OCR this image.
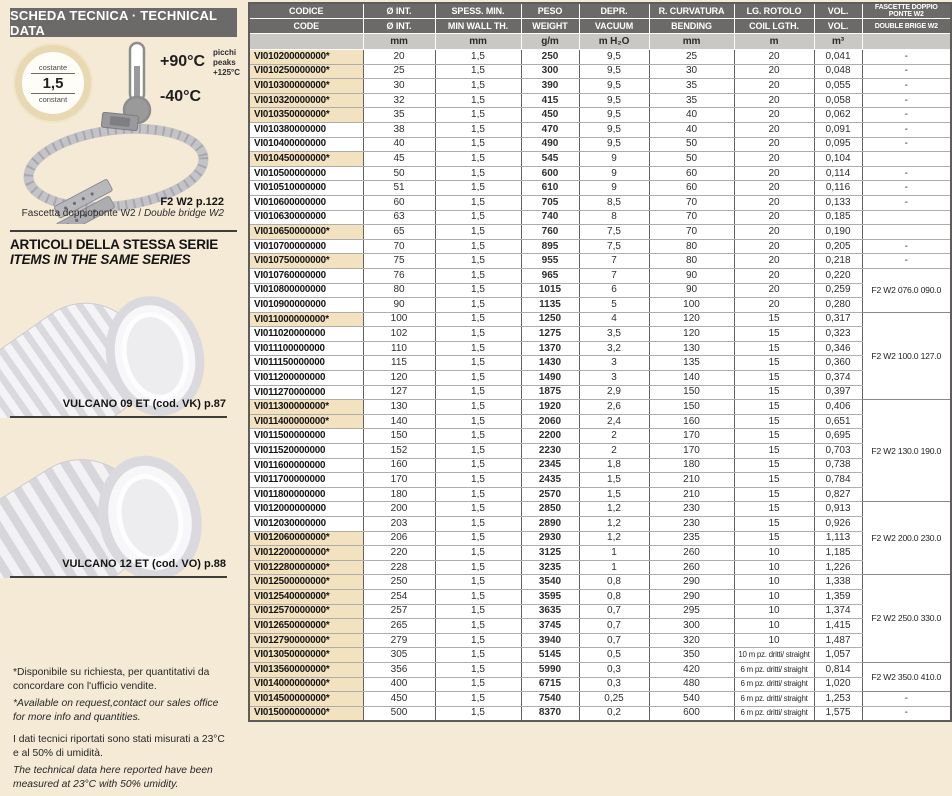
SCHEDA TECNICA · TECHNICAL DATA
costante
1,5
constant
+90°C
-40°C
picchi
peaks
+125°C
F2 W2 p.122
Fascetta doppioponte W2 / Double bridge W2
ARTICOLI DELLA STESSA SERIE
ITEMS IN THE SAME SERIES
VULCANO 09 ET (cod. VK) p.87
VULCANO 12 ET (cod. VO) p.88
*Disponibile su richiesta, per quantitativi da concordare con l'ufficio vendite.
*Available on request,contact our sales office for more info and quantities.
I dati tecnici riportati sono stati misurati a 23°C e al 50% di umidità.
The technical data here reported have been measured at 23°C with 50% umidity.
CODICE	Ø INT.	SPESS. MIN.	PESO	DEPR.	R. CURVATURA	LG. ROTOLO	VOL.	FASCETTE DOPPIO PONTE W2
CODE	Ø INT.	MIN WALL TH.	WEIGHT	VACUUM	BENDING	COIL LGTH.	VOL.	DOUBLE BRIGE W2
	mm	mm	g/m	m H₂O	mm	m	m³	
VI010200000000*	20	1,5	250	9,5	25	20	0,041	-
VI010250000000*	25	1,5	300	9,5	30	20	0,048	-
VI010300000000*	30	1,5	390	9,5	35	20	0,055	-
VI010320000000*	32	1,5	415	9,5	35	20	0,058	-
VI010350000000*	35	1,5	450	9,5	40	20	0,062	-
VI010380000000	38	1,5	470	9,5	40	20	0,091	-
VI010400000000	40	1,5	490	9,5	50	20	0,095	-
VI010450000000*	45	1,5	545	9	50	20	0,104	
VI010500000000	50	1,5	600	9	60	20	0,114	-
VI010510000000	51	1,5	610	9	60	20	0,116	-
VI010600000000	60	1,5	705	8,5	70	20	0,133	-
VI010630000000	63	1,5	740	8	70	20	0,185	
VI010650000000*	65	1,5	760	7,5	70	20	0,190	
VI010700000000	70	1,5	895	7,5	80	20	0,205	-
VI010750000000*	75	1,5	955	7	80	20	0,218	-
VI010760000000	76	1,5	965	7	90	20	0,220	F2 W2 076.0 090.0
VI010800000000	80	1,5	1015	6	90	20	0,259	
VI010900000000	90	1,5	1135	5	100	20	0,280	
VI011000000000*	100	1,5	1250	4	120	15	0,317	F2 W2 100.0 127.0
VI011020000000	102	1,5	1275	3,5	120	15	0,323	
VI011100000000	110	1,5	1370	3,2	130	15	0,346	
VI011150000000	115	1,5	1430	3	135	15	0,360	
VI011200000000	120	1,5	1490	3	140	15	0,374	
VI011270000000	127	1,5	1875	2,9	150	15	0,397	
VI011300000000*	130	1,5	1920	2,6	150	15	0,406	F2 W2 130.0 190.0
VI011400000000*	140	1,5	2060	2,4	160	15	0,651	
VI011500000000	150	1,5	2200	2	170	15	0,695	
VI011520000000	152	1,5	2230	2	170	15	0,703	
VI011600000000	160	1,5	2345	1,8	180	15	0,738	
VI011700000000	170	1,5	2435	1,5	210	15	0,784	
VI011800000000	180	1,5	2570	1,5	210	15	0,827	
VI012000000000	200	1,5	2850	1,2	230	15	0,913	F2 W2 200.0 230.0
VI012030000000	203	1,5	2890	1,2	230	15	0,926	
VI012060000000*	206	1,5	2930	1,2	235	15	1,113	
VI012200000000*	220	1,5	3125	1	260	10	1,185	
VI012280000000*	228	1,5	3235	1	260	10	1,226	
VI012500000000*	250	1,5	3540	0,8	290	10	1,338	F2 W2 250.0 330.0
VI012540000000*	254	1,5	3595	0,8	290	10	1,359	
VI012570000000*	257	1,5	3635	0,7	295	10	1,374	
VI012650000000*	265	1,5	3745	0,7	300	10	1,415	
VI012790000000*	279	1,5	3940	0,7	320	10	1,487	
VI013050000000*	305	1,5	5145	0,5	350	10 m pz. dritti/ straight	1,057	
VI013560000000*	356	1,5	5990	0,3	420	6 m pz. dritti/ straight	0,814	F2 W2 350.0 410.0
VI014000000000*	400	1,5	6715	0,3	480	6 m pz. dritti/ straight	1,020	
VI014500000000*	450	1,5	7540	0,25	540	6 m pz. dritti/ straight	1,253	-
VI015000000000*	500	1,5	8370	0,2	600	6 m pz. dritti/ straight	1,575	-
